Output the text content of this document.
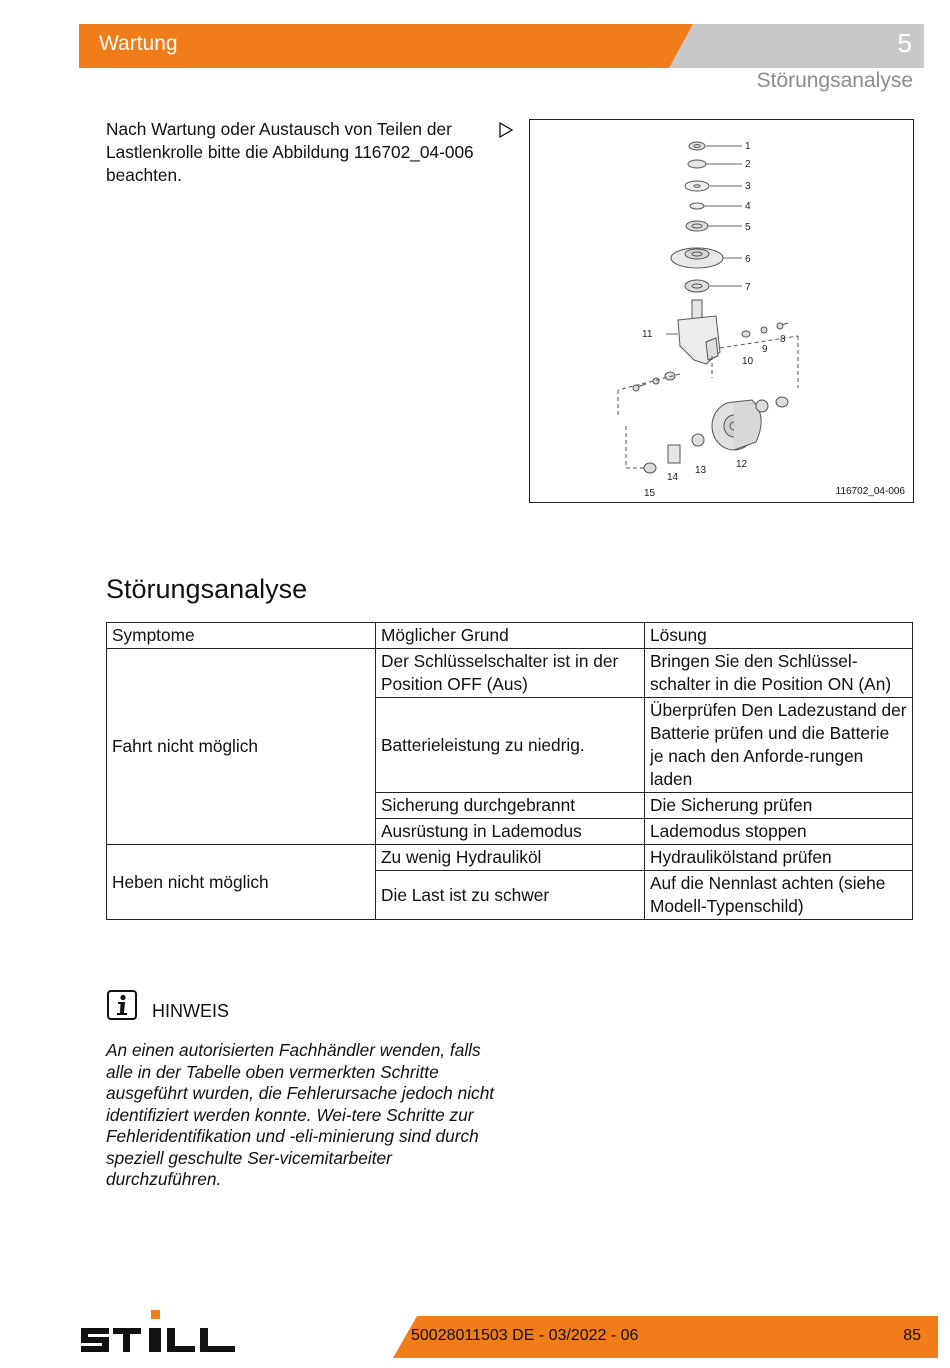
Wartung	5
Störungsanalyse
Nach Wartung oder Austausch von Teilen der Lastlenkrolle bitte die Abbildung 116702_04-006 beachten.
1
2
3
4
5
6
7
8
9
10
11
12
13
14
15	116702_04-006
Störungsanalyse
Symptome	Möglicher Grund	Lösung
Fahrt nicht möglich	Der Schlüsselschalter ist in der Position OFF (Aus)	Bringen Sie den Schlüssel-schalter in die Position ON (An)
	Batterieleistung zu niedrig.	Überprüfen Den Ladezustand der Batterie prüfen und die Batterie je nach den Anforde-rungen laden
	Sicherung durchgebrannt	Die Sicherung prüfen
	Ausrüstung in Lademodus	Lademodus stoppen
Heben nicht möglich	Zu wenig Hydrauliköl	Hydraulikölstand prüfen
	Die Last ist zu schwer	Auf die Nennlast achten (siehe Modell-Typenschild)
HINWEIS
An einen autorisierten Fachhändler wenden, falls alle in der Tabelle oben vermerkten Schritte ausgeführt wurden, die Fehlerursache jedoch nicht identifiziert werden konnte. Wei-tere Schritte zur Fehleridentifikation und -eli-minierung sind durch speziell geschulte Ser-vicemitarbeiter durchzuführen.
50028011503 DE - 03/2022 - 06	85
